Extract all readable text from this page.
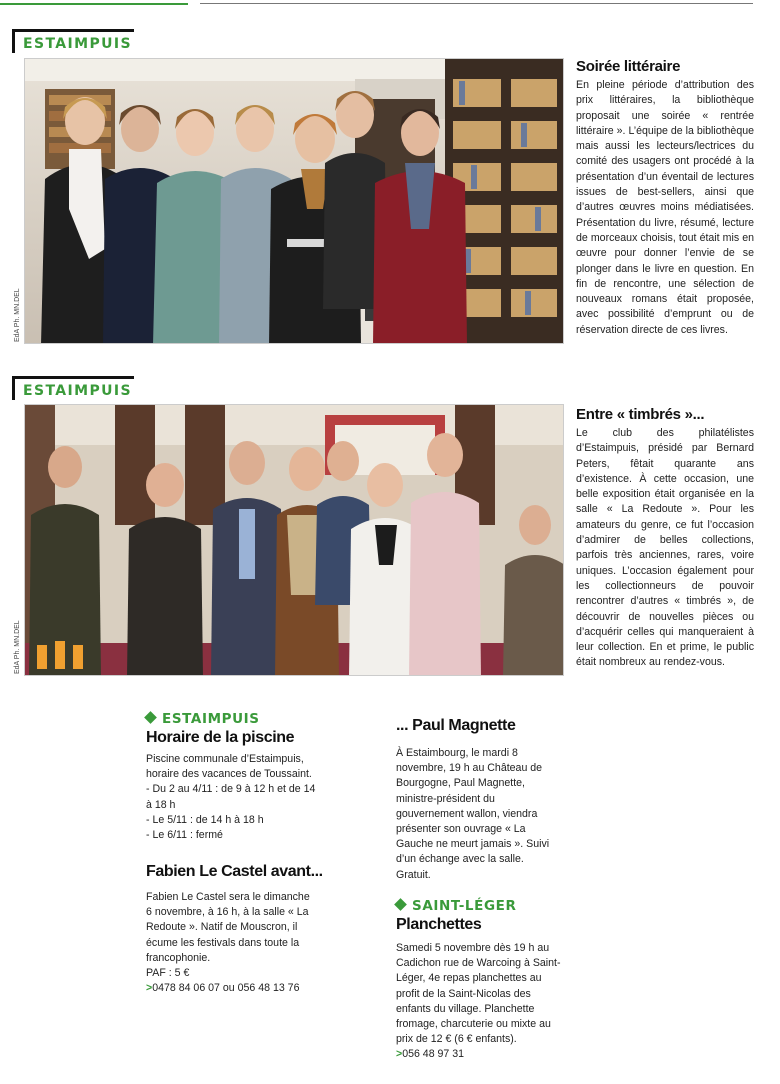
ESTAIMPUIS
EdA Ph. MN.DEL
Soirée littéraire

En pleine période d’attribution des prix littéraires, la bibliothèque proposait une soirée « rentrée littéraire ». L’équipe de la bibliothèque mais aussi les lecteurs/lectrices du comité des usagers ont procédé à la présentation d’un éventail de lectures issues de best-sellers, ainsi que d’autres œuvres moins médiatisées. Présentation du livre, résumé, lecture de morceaux choisis, tout était mis en œuvre pour donner l’envie de se plonger dans le livre en question. En fin de rencontre, une sélection de nouveaux romans était proposée, avec possibilité d’emprunt ou de réservation directe de ces livres.

ESTAIMPUIS
EdA Ph. MN.DEL
Entre « timbrés »...

Le club des philatélistes d’Estaimpuis, présidé par Bernard Peters, fêtait quarante ans d’existence. À cette occasion, une belle exposition était organisée en la salle « La Redoute ». Pour les amateurs du genre, ce fut l’occasion d’admirer de belles collections, parfois très anciennes, rares, voire uniques. L’occasion également pour les collectionneurs de pouvoir rencontrer d’autres « timbrés », de découvrir de nouvelles pièces ou d’acquérir celles qui manqueraient à leur collection. En et prime, le public était nombreux au rendez-vous.

ESTAIMPUIS
Horaire de la piscine
Piscine communale d’Estaimpuis,
horaire des vacances de Toussaint.
- Du 2 au 4/11 : de 9 à 12 h et de 14
à 18 h
- Le 5/11 : de 14 h à 18 h
- Le 6/11 : fermé
Fabien Le Castel avant...
Fabien Le Castel sera le dimanche
6 novembre, à 16 h, à la salle « La
Redoute ». Natif de Mouscron, il
écume les festivals dans toute la
francophonie.
PAF : 5 €
>0478 84 06 07 ou 056 48 13 76
... Paul Magnette
À Estaimbourg, le mardi 8
novembre, 19 h au Château de
Bourgogne, Paul Magnette,
ministre-président du
gouvernement wallon, viendra
présenter son ouvrage « La
Gauche ne meurt jamais ». Suivi
d’un échange avec la salle.
Gratuit.
SAINT-LÉGER
Planchettes
Samedi 5 novembre dès 19 h au
Cadichon rue de Warcoing à Saint-
Léger, 4e repas planchettes au
profit de la Saint-Nicolas des
enfants du village. Planchette
fromage, charcuterie ou mixte au
prix de 12 € (6 € enfants).
>056 48 97 31
